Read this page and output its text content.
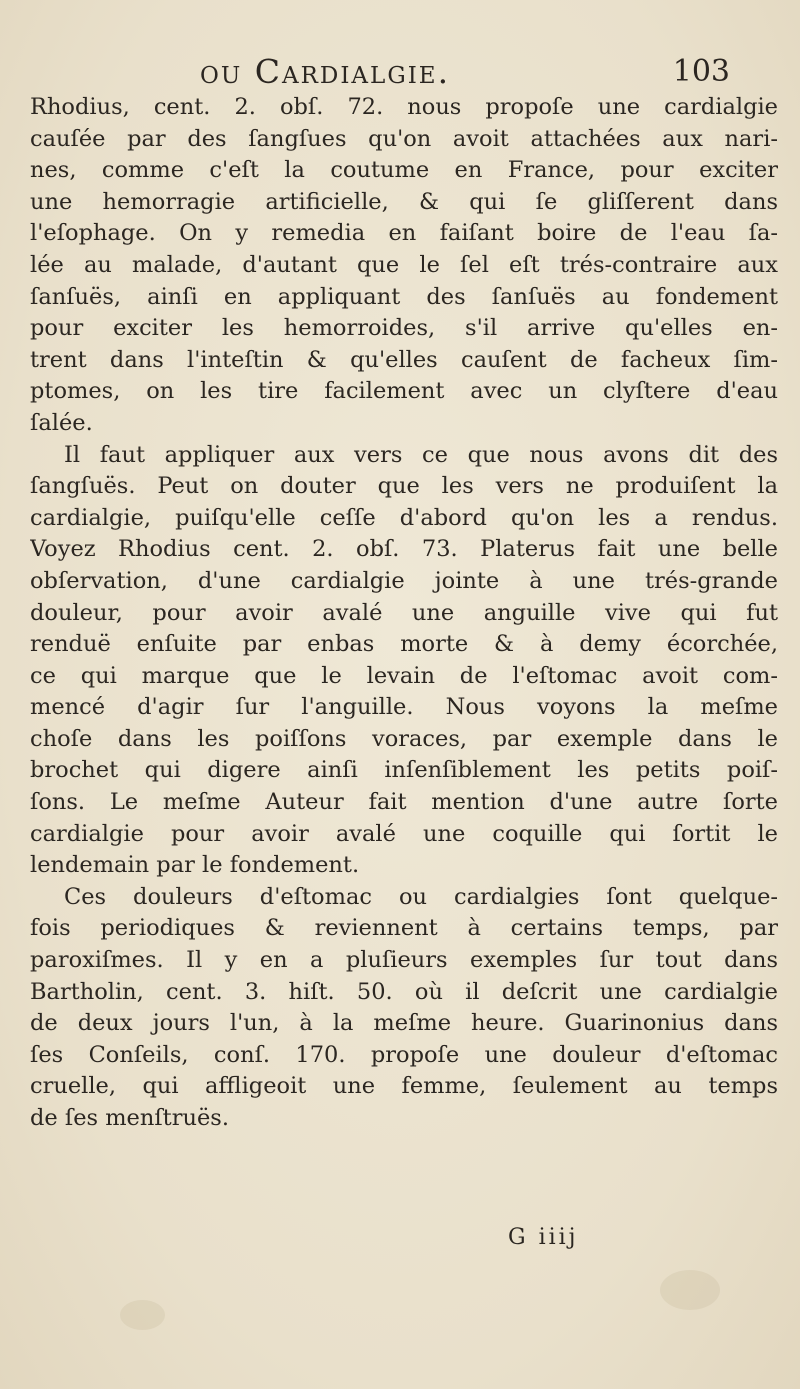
ou Cardialgie.	103
Rhodius, cent. 2. obſ. 72. nous propoſe une cardialgie
cauſée par des ſangſues qu'on avoit attachées aux nari-
nes, comme c'eſt la coutume en France, pour exciter
une hemorragie artificielle, & qui ſe gliſſerent dans
l'eſophage. On y remedia en faiſant boire de l'eau ſa-
lée au malade, d'autant que le ſel eſt trés-contraire aux
ſanſuës, ainſi en appliquant des ſanſuës au fondement
pour exciter les hemorroides, s'il arrive qu'elles en-
trent dans l'inteſtin & qu'elles cauſent de facheux ſim-
ptomes, on les tire facilement avec un clyſtere d'eau
ſalée.
Il faut appliquer aux vers ce que nous avons dit des
ſangſuës. Peut on douter que les vers ne produiſent la
cardialgie, puiſqu'elle ceſſe d'abord qu'on les a rendus.
Voyez Rhodius cent. 2. obſ. 73. Platerus fait une belle
obſervation, d'une cardialgie jointe à une trés-grande
douleur, pour avoir avalé une anguille vive qui fut
renduë enſuite par enbas morte & à demy écorchée,
ce qui marque que le levain de l'eſtomac avoit com-
mencé d'agir ſur l'anguille. Nous voyons la meſme
choſe dans les poiſſons voraces, par exemple dans le
brochet qui digere ainſi inſenſiblement les petits poiſ-
ſons. Le meſme Auteur fait mention d'une autre ſorte
cardialgie pour avoir avalé une coquille qui ſortit le
lendemain par le fondement.
Ces douleurs d'eſtomac ou cardialgies ſont quelque-
fois periodiques & reviennent à certains temps, par
paroxiſmes. Il y en a pluſieurs exemples ſur tout dans
Bartholin, cent. 3. hiſt. 50. où il deſcrit une cardialgie
de deux jours l'un, à la meſme heure. Guarinonius dans
ſes Conſeils, conſ. 170. propoſe une douleur d'eſtomac
cruelle, qui affligeoit une femme, ſeulement au temps
de ſes menſtruës.
G iiij
